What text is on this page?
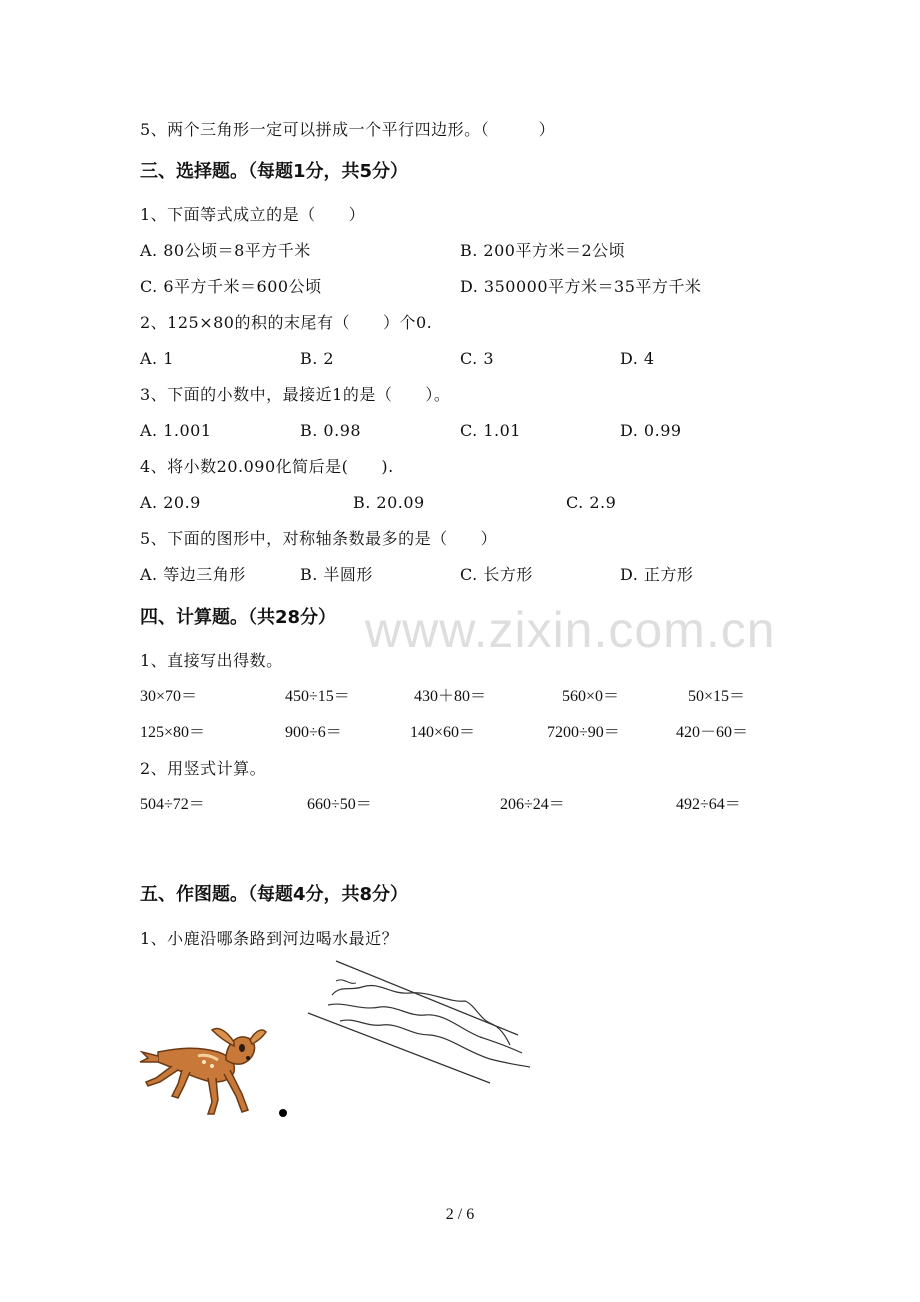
5、两个三角形一定可以拼成一个平行四边形。（　　　）
三、选择题。（每题1分，共5分）
1、下面等式成立的是（　　）
A. 80公顷＝8平方千米	B. 200平方米＝2公顷
C. 6平方千米＝600公顷	D. 350000平方米＝35平方千米
2、125×80的积的末尾有（　　）个0.
A. 1	B. 2	C. 3	D. 4
3、下面的小数中，最接近1的是（　　）。
A. 1.001	B. 0.98	C. 1.01	D. 0.99
4、将小数20.090化简后是(　　).
A. 20.9	B. 20.09	C. 2.9
5、下面的图形中，对称轴条数最多的是（　　）
A. 等边三角形	B. 半圆形	C. 长方形	D. 正方形
www.zixin.com.cn
四、计算题。（共28分）
1、直接写出得数。
30×70＝	450÷15＝	430＋80＝	560×0＝	50×15＝
125×80＝	900÷6＝	140×60＝	7200÷90＝	420－60＝
2、用竖式计算。
504÷72＝	660÷50＝	206÷24＝	492÷64＝
五、作图题。（每题4分，共8分）
1、小鹿沿哪条路到河边喝水最近？
2 / 6
